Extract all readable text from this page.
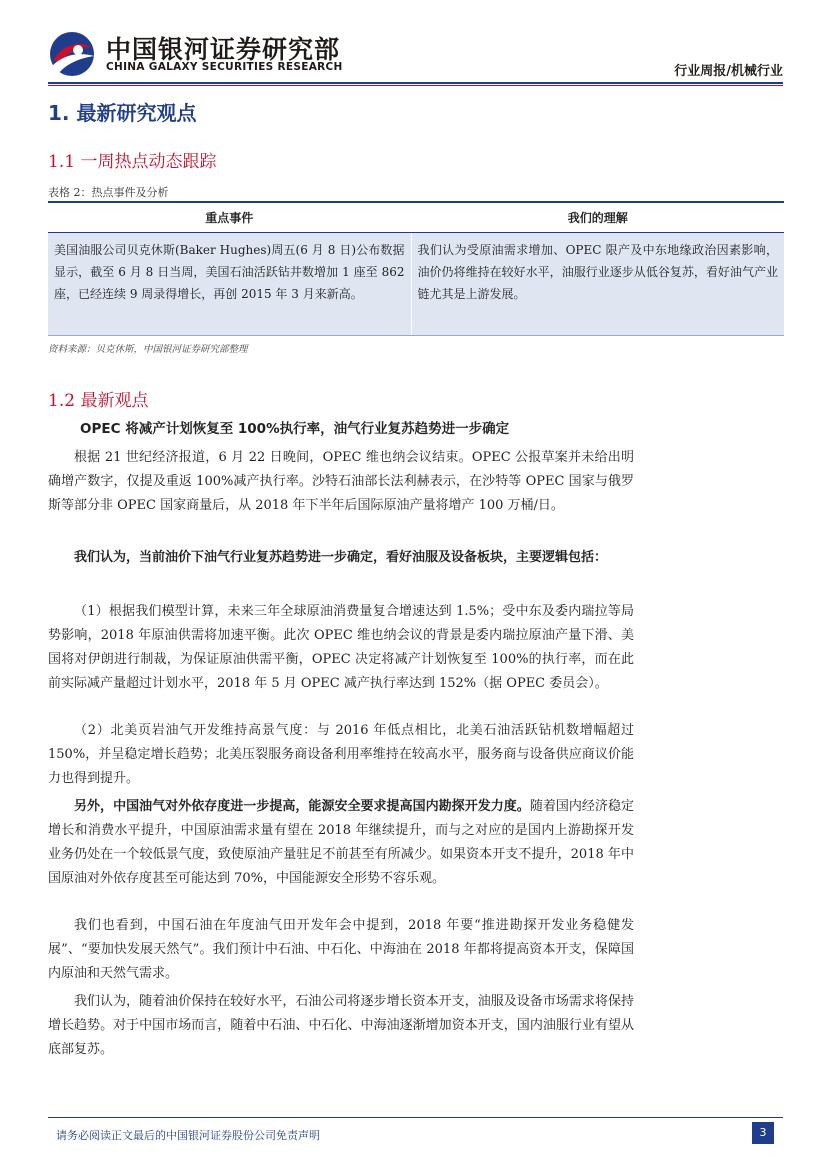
中国银河证券研究部
CHINA GALAXY SECURITIES RESEARCH	行业周报/机械行业
1. 最新研究观点
1.1 一周热点动态跟踪
表格 2：热点事件及分析
重点事件	我们的理解
美国油服公司贝克休斯(Baker Hughes)周五(6 月 8 日)公布数据显示，截至 6 月 8 日当周，美国石油活跃钻井数增加 1 座至 862 座，已经连续 9 周录得增长，再创 2015 年 3 月来新高。	我们认为受原油需求增加、OPEC 限产及中东地缘政治因素影响，油价仍将维持在较好水平，油服行业逐步从低谷复苏，看好油气产业链尤其是上游发展。
资料来源：贝克休斯，中国银河证券研究部整理
1.2 最新观点
OPEC 将减产计划恢复至 100%执行率，油气行业复苏趋势进一步确定
根据 21 世纪经济报道，6 月 22 日晚间，OPEC 维也纳会议结束。OPEC 公报草案并未给出明确增产数字，仅提及重返 100%减产执行率。沙特石油部长法利赫表示，在沙特等 OPEC 国家与俄罗斯等部分非 OPEC 国家商量后，从 2018 年下半年后国际原油产量将增产 100 万桶/日。
我们认为，当前油价下油气行业复苏趋势进一步确定，看好油服及设备板块，主要逻辑包括：
（1）根据我们模型计算，未来三年全球原油消费量复合增速达到 1.5%；受中东及委内瑞拉等局势影响，2018 年原油供需将加速平衡。此次 OPEC 维也纳会议的背景是委内瑞拉原油产量下滑、美国将对伊朗进行制裁，为保证原油供需平衡，OPEC 决定将减产计划恢复至 100%的执行率，而在此前实际减产量超过计划水平，2018 年 5 月 OPEC 减产执行率达到 152%（据 OPEC 委员会）。
（2）北美页岩油气开发维持高景气度：与 2016 年低点相比，北美石油活跃钻机数增幅超过 150%，并呈稳定增长趋势；北美压裂服务商设备利用率维持在较高水平，服务商与设备供应商议价能力也得到提升。
另外，中国油气对外依存度进一步提高，能源安全要求提高国内勘探开发力度。随着国内经济稳定增长和消费水平提升，中国原油需求量有望在 2018 年继续提升，而与之对应的是国内上游勘探开发业务仍处在一个较低景气度，致使原油产量驻足不前甚至有所减少。如果资本开支不提升，2018 年中国原油对外依存度甚至可能达到 70%，中国能源安全形势不容乐观。
我们也看到，中国石油在年度油气田开发年会中提到，2018 年要“推进勘探开发业务稳健发展”、“要加快发展天然气”。我们预计中石油、中石化、中海油在 2018 年都将提高资本开支，保障国内原油和天然气需求。
我们认为，随着油价保持在较好水平，石油公司将逐步增长资本开支，油服及设备市场需求将保持增长趋势。对于中国市场而言，随着中石油、中石化、中海油逐渐增加资本开支，国内油服行业有望从底部复苏。
请务必阅读正文最后的中国银河证券股份公司免责声明	3
